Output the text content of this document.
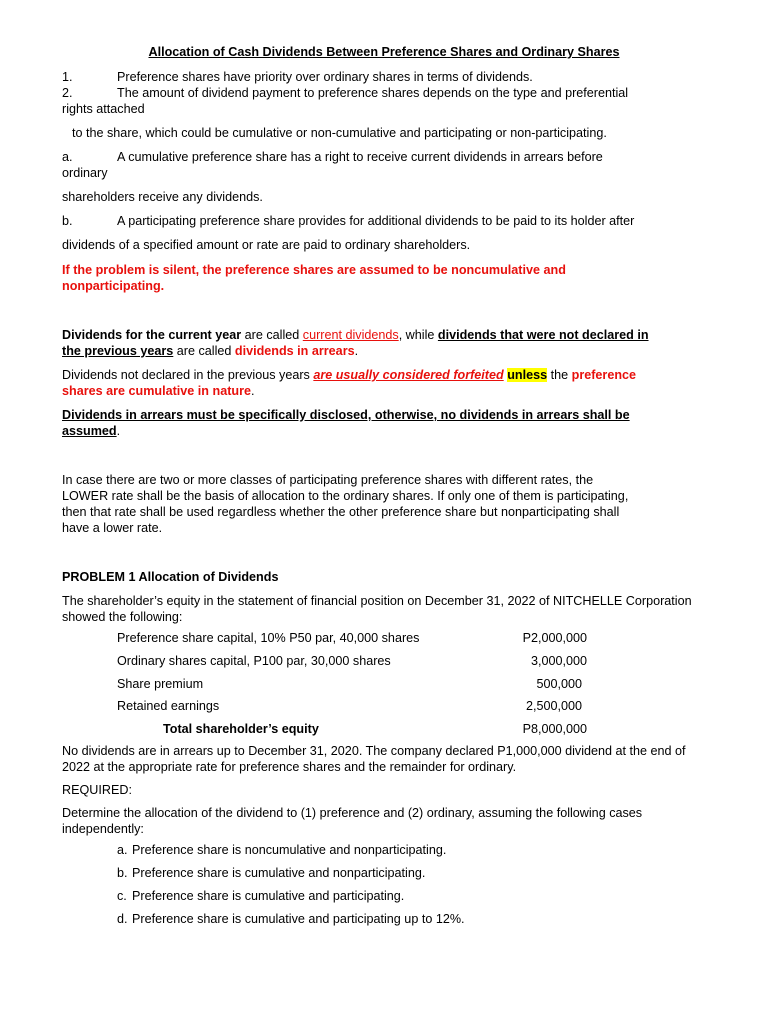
Allocation of Cash Dividends Between Preference Shares and Ordinary Shares
1.	Preference shares have priority over ordinary shares in terms of dividends.
2.	The amount of dividend payment to preference shares depends on the type and preferential
rights attached
to the share, which could be cumulative or non-cumulative and participating or non-participating.
a.	A cumulative preference share has a right to receive current dividends in arrears before
ordinary
shareholders receive any dividends.
b.	A participating preference share provides for additional dividends to be paid to its holder after
dividends of a specified amount or rate are paid to ordinary shareholders.
If the problem is silent, the preference shares are assumed to be noncumulative and
nonparticipating.
Dividends for the current year are called current dividends, while dividends that were not declared in
the previous years are called dividends in arrears.
Dividends not declared in the previous years are usually considered forfeited unless the preference
shares are cumulative in nature.
Dividends in arrears must be specifically disclosed, otherwise, no dividends in arrears shall be
assumed.
In case there are two or more classes of participating preference shares with different rates, the
LOWER rate shall be the basis of allocation to the ordinary shares. If only one of them is participating,
then that rate shall be used regardless whether the other preference share but nonparticipating shall
have a lower rate.
PROBLEM 1 Allocation of Dividends
The shareholder’s equity in the statement of financial position on December 31, 2022 of NITCHELLE Corporation
showed the following:
Preference share capital, 10% P50 par, 40,000 shares	P2,000,000
Ordinary shares capital, P100 par, 30,000 shares	3,000,000
Share premium	500,000
Retained earnings	2,500,000
Total shareholder’s equity	P8,000,000
No dividends are in arrears up to December 31, 2020. The company declared P1,000,000 dividend at the end of
2022 at the appropriate rate for preference shares and the remainder for ordinary.
REQUIRED:
Determine the allocation of the dividend to (1) preference and (2) ordinary, assuming the following cases
independently:
a. Preference share is noncumulative and nonparticipating.
b. Preference share is cumulative and nonparticipating.
c. Preference share is cumulative and participating.
d. Preference share is cumulative and participating up to 12%.
